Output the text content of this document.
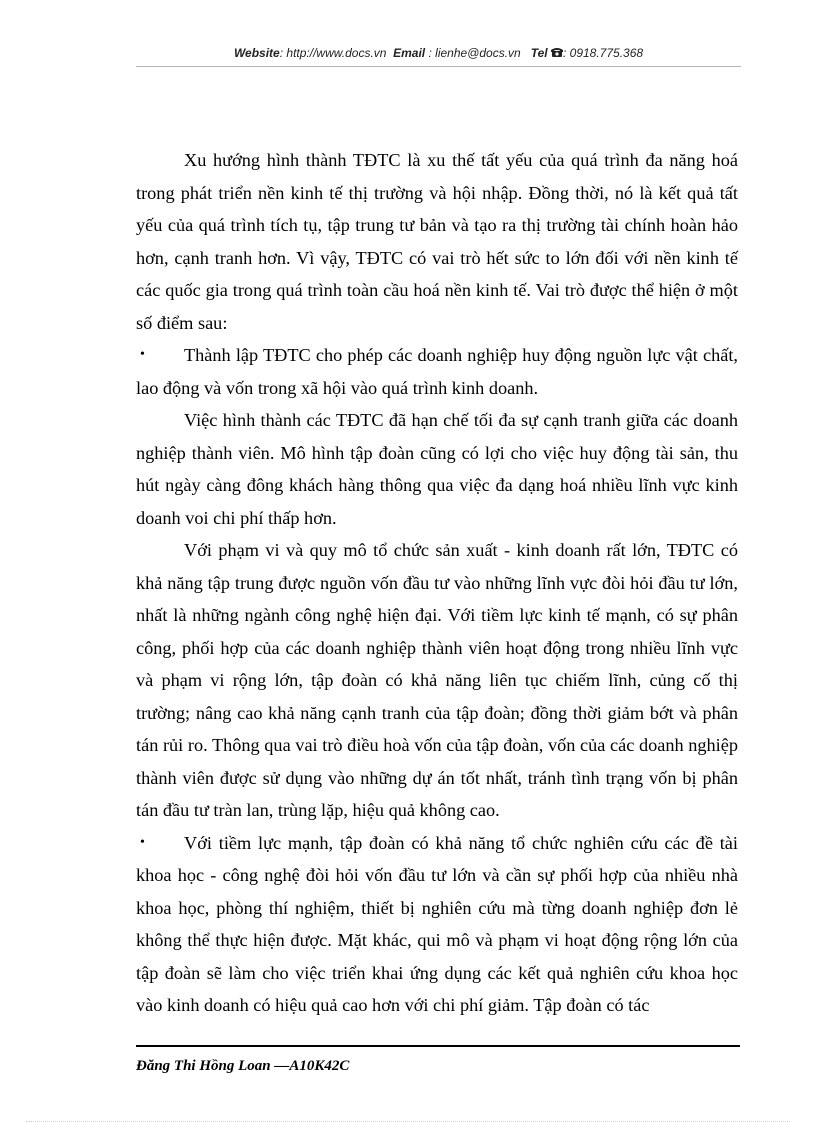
Website: http://www.docs.vn Email : lienhe@docs.vn Tel : 0918.775.368

Xu hướng hình thành TĐTC là xu thế tất yếu của quá trình đa năng hoá trong phát triển nền kinh tế thị trường và hội nhập. Đồng thời, nó là kết quả tất yếu của quá trình tích tụ, tập trung tư bản và tạo ra thị trường tài chính hoàn hảo hơn, cạnh tranh hơn. Vì vậy, TĐTC có vai trò hết sức to lớn đối với nền kinh tế các quốc gia trong quá trình toàn cầu hoá nền kinh tế. Vai trò được thể hiện ở một số điểm sau:

• Thành lập TĐTC cho phép các doanh nghiệp huy động nguồn lực vật chất, lao động và vốn trong xã hội vào quá trình kinh doanh.

Việc hình thành các TĐTC đã hạn chế tối đa sự cạnh tranh giữa các doanh nghiệp thành viên. Mô hình tập đoàn cũng có lợi cho việc huy động tài sản, thu hút ngày càng đông khách hàng thông qua việc đa dạng hoá nhiều lĩnh vực kinh doanh voi chi phí thấp hơn.

Với phạm vi và quy mô tổ chức sản xuất - kinh doanh rất lớn, TĐTC có khả năng tập trung được nguồn vốn đầu tư vào những lĩnh vực đòi hỏi đầu tư lớn, nhất là những ngành công nghệ hiện đại. Với tiềm lực kinh tế mạnh, có sự phân công, phối hợp của các doanh nghiệp thành viên hoạt động trong nhiều lĩnh vực và phạm vi rộng lớn, tập đoàn có khả năng liên tục chiếm lĩnh, củng cố thị trường; nâng cao khả năng cạnh tranh của tập đoàn; đồng thời giảm bớt và phân tán rủi ro. Thông qua vai trò điều hoà vốn của tập đoàn, vốn của các doanh nghiệp thành viên được sử dụng vào những dự án tốt nhất, tránh tình trạng vốn bị phân tán đầu tư tràn lan, trùng lặp, hiệu quả không cao.

• Với tiềm lực mạnh, tập đoàn có khả năng tổ chức nghiên cứu các đề tài khoa học - công nghệ đòi hỏi vốn đầu tư lớn và cần sự phối hợp của nhiều nhà khoa học, phòng thí nghiệm, thiết bị nghiên cứu mà từng doanh nghiệp đơn lẻ không thể thực hiện được. Mặt khác, qui mô và phạm vi hoạt động rộng lớn của tập đoàn sẽ làm cho việc triển khai ứng dụng các kết quả nghiên cứu khoa học vào kinh doanh có hiệu quả cao hơn với chi phí giảm. Tập đoàn có tác

Đăng Thi Hồng Loan —A10K42C
